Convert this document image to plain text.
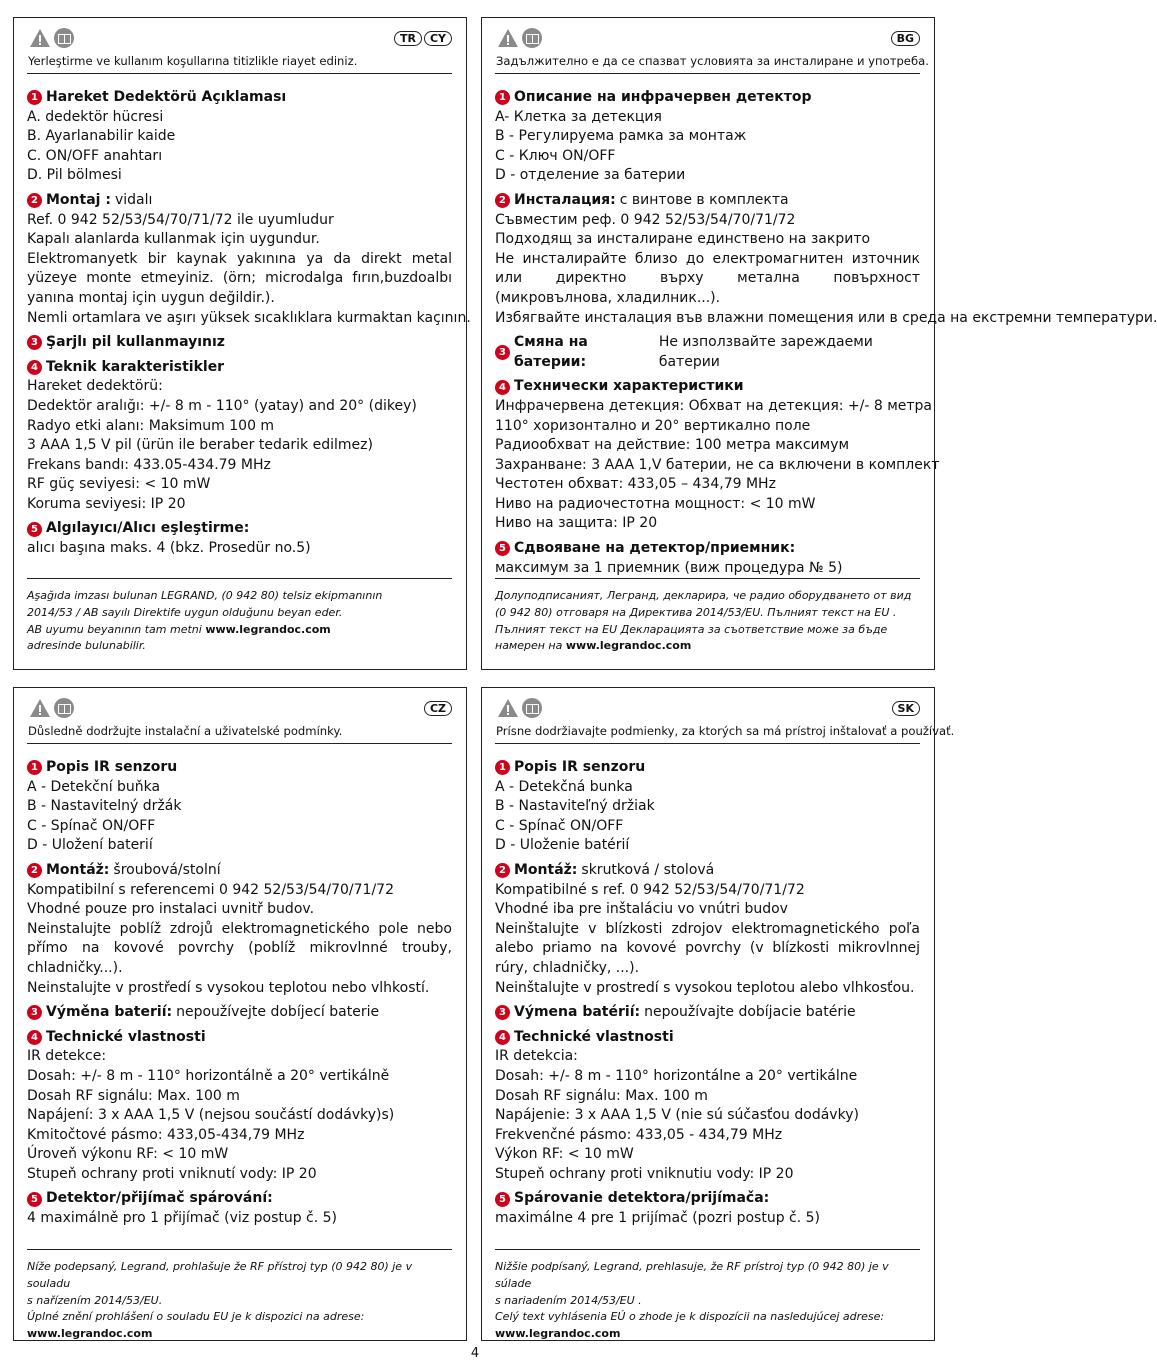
TR	CY
Yerleştirme ve kullanım koşullarına titizlikle riayet ediniz.
1 Hareket Dedektörü Açıklaması
A. dedektör hücresi
B. Ayarlanabilir kaide
C. ON/OFF anahtarı
D. Pil bölmesi
2 Montaj : vidalı
Ref. 0 942 52/53/54/70/71/72 ile uyumludur
Kapalı alanlarda kullanmak için uygundur.
Elektromanyetk bir kaynak yakınına ya da direkt metal yüzeye monte etmeyiniz. (örn; microdalga fırın,buzdoalbı yanına montaj için uygun değildir.).
Nemli ortamlara ve aşırı yüksek sıcaklıklara kurmaktan kaçının.
3 Şarjlı pil kullanmayınız
4 Teknik karakteristikler
Hareket dedektörü:
Dedektör aralığı: +/- 8 m - 110° (yatay) and 20° (dikey)
Radyo etki alanı: Maksimum 100 m
3 AAA 1,5 V pil (ürün ile beraber tedarik edilmez)
Frekans bandı: 433.05-434.79 MHz
RF güç seviyesi: < 10 mW
Koruma seviyesi: IP 20
5 Algılayıcı/Alıcı eşleştirme:
alıcı başına maks. 4 (bkz. Prosedür no.5)
Aşağıda imzası bulunan LEGRAND, (0 942 80) telsiz ekipmanının
2014/53 / AB sayılı Direktife uygun olduğunu beyan eder.
AB uyumu beyanının tam metni www.legrandoc.com
adresinde bulunabilir.
BG
Задължително е да се спазват условията за инсталиране и употреба.
1 Описание на инфрачервен детектор
A- Клетка за детекция
B - Регулируема рамка за монтаж
C - Ключ ON/OFF
D - отделение за батерии
2 Инсталация: с винтове в комплекта
Съвместим реф. 0 942 52/53/54/70/71/72
Подходящ за инсталиране единствено на закрито
Не инсталирайте близо до електромагнитен източник или директно върху метална повърхност (микровълнова, хладилник...).
Избягвайте инсталация във влажни помещения или в среда на екстремни температури.
3
Смяна на батерии:
Не използвайте зареждаеми батерии
4 Технически характеристики
Инфрачервена детекция: Обхват на детекция: +/- 8 метра
110° хоризонтално и 20° вертикално поле
Радиообхват на действие: 100 метра максимум
Захранване: 3 AAA 1,V батерии, не са включени в комплект
Честотен обхват: 433,05 – 434,79 MHz
Ниво на радиочестотна мощност: < 10 mW
Ниво на защита: IP 20
5 Сдвояване на детектор/приемник:
максимум за 1 приемник (виж процедура № 5)
Долуподписаният, Легранд, декларира, че радио оборудването от вид
(0 942 80) отговаря на Директива 2014/53/EU. Пълният текст на EU .
Пълният текст на EU Декларацията за съответствие може за бъде
намерен на www.legrandoc.com
CZ
Důsledně dodržujte instalační a uživatelské podmínky.
1 Popis IR senzoru
A - Detekční buňka
B - Nastavitelný držák
C - Spínač ON/OFF
D - Uložení baterií
2 Montáž: šroubová/stolní
Kompatibilní s referencemi 0 942 52/53/54/70/71/72
Vhodné pouze pro instalaci uvnitř budov.
Neinstalujte poblíž zdrojů elektromagnetického pole nebo přímo na kovové povrchy (poblíž mikrovlnné trouby, chladničky...).
Neinstalujte v prostředí s vysokou teplotou nebo vlhkostí.
3 Výměna baterií: nepoužívejte dobíjecí baterie
4 Technické vlastnosti
IR detekce:
Dosah: +/- 8 m - 110° horizontálně a 20° vertikálně
Dosah RF signálu: Max. 100 m
Napájení: 3 x AAA 1,5 V (nejsou součástí dodávky)s)
Kmitočtové pásmo: 433,05-434,79 MHz
Úroveň výkonu RF: < 10 mW
Stupeň ochrany proti vniknutí vody: IP 20
5 Detektor/přijímač spárování:
4 maximálně pro 1 přijímač (viz postup č. 5)
Níže podepsaný, Legrand, prohlašuje že RF přístroj typ (0 942 80) je v souladu
s nařízením 2014/53/EU.
Úplné znění prohlášení o souladu EU je k dispozici na adrese:
www.legrandoc.com
SK
Prísne dodržiavajte podmienky, za ktorých sa má prístroj inštalovať a používať.
1 Popis IR senzoru
A - Detekčná bunka
B - Nastaviteľný držiak
C - Spínač ON/OFF
D - Uloženie batérií
2 Montáž: skrutková / stolová
Kompatibilné s ref. 0 942 52/53/54/70/71/72
Vhodné iba pre inštaláciu vo vnútri budov
Neinštalujte v blízkosti zdrojov elektromagnetického poľa alebo priamo na kovové povrchy (v blízkosti mikrovlnnej rúry, chladničky, ...).
Neinštalujte v prostredí s vysokou teplotou alebo vlhkosťou.
3 Výmena batérií: nepoužívajte dobíjacie batérie
4 Technické vlastnosti
IR detekcia:
Dosah: +/- 8 m - 110° horizontálne a 20° vertikálne
Dosah RF signálu: Max. 100 m
Napájenie: 3 x AAA 1,5 V (nie sú súčasťou dodávky)
Frekvenčné pásmo: 433,05 - 434,79 MHz
Výkon RF: < 10 mW
Stupeň ochrany proti vniknutiu vody: IP 20
5 Spárovanie detektora/prijímača:
maximálne 4 pre 1 prijímač (pozri postup č. 5)
Nižšie podpísaný, Legrand, prehlasuje, že RF prístroj typ (0 942 80) je v súlade
s nariadením 2014/53/EU .
Celý text vyhlásenia EÚ o zhode je k dispozícii na nasledujúcej adrese:
www.legrandoc.com
4
